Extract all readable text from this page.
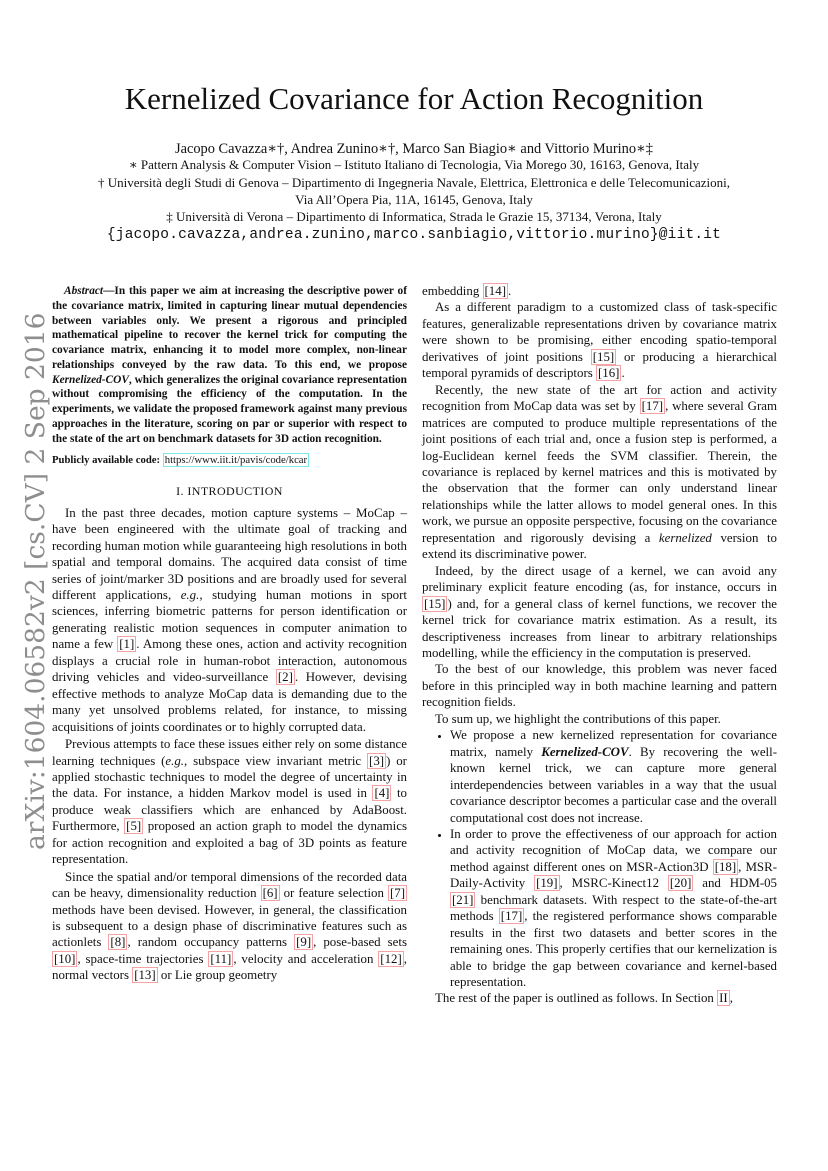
arXiv:1604.06582v2 [cs.CV] 2 Sep 2016
Kernelized Covariance for Action Recognition
Jacopo Cavazza∗†, Andrea Zunino∗†, Marco San Biagio∗ and Vittorio Murino∗‡
∗ Pattern Analysis & Computer Vision – Istituto Italiano di Tecnologia, Via Morego 30, 16163, Genova, Italy
† Università degli Studi di Genova – Dipartimento di Ingegneria Navale, Elettrica, Elettronica e delle Telecomunicazioni,
Via All’Opera Pia, 11A, 16145, Genova, Italy
‡ Università di Verona – Dipartimento di Informatica, Strada le Grazie 15, 37134, Verona, Italy
{jacopo.cavazza,andrea.zunino,marco.sanbiagio,vittorio.murino}@iit.it

Abstract—In this paper we aim at increasing the descriptive power of the covariance matrix, limited in capturing linear mutual dependencies between variables only. We present a rigorous and principled mathematical pipeline to recover the kernel trick for computing the covariance matrix, enhancing it to model more complex, non-linear relationships conveyed by the raw data. To this end, we propose Kernelized-COV, which generalizes the original covariance representation without compromising the efficiency of the computation. In the experiments, we validate the proposed framework against many previous approaches in the literature, scoring on par or superior with respect to the state of the art on benchmark datasets for 3D action recognition.

Publicly available code: https://www.iit.it/pavis/code/kcar

I. INTRODUCTION

In the past three decades, motion capture systems – MoCap – have been engineered with the ultimate goal of tracking and recording human motion while guaranteeing high resolutions in both spatial and temporal domains. The acquired data consist of time series of joint/marker 3D positions and are broadly used for several different applications, e.g., studying human motions in sport sciences, inferring biometric patterns for person identification or generating realistic motion sequences in computer animation to name a few [1] . Among these ones, action and activity recognition displays a crucial role in human-robot interaction, autonomous driving vehicles and video-surveillance [2] . However, devising effective methods to analyze MoCap data is demanding due to the many yet unsolved problems related, for instance, to missing acquisitions of joints coordinates or to highly corrupted data.

Previous attempts to face these issues either rely on some distance learning techniques (e.g., subspace view invariant metric [3] ) or applied stochastic techniques to model the degree of uncertainty in the data. For instance, a hidden Markov model is used in [4] to produce weak classifiers which are enhanced by AdaBoost. Furthermore, [5] proposed an action graph to model the dynamics for action recognition and exploited a bag of 3D points as feature representation.

Since the spatial and/or temporal dimensions of the recorded data can be heavy, dimensionality reduction [6] or feature selection [7] methods have been devised. However, in general, the classification is subsequent to a design phase of discriminative features such as actionlets [8] , random occupancy patterns [9] , pose-based sets [10] , space-time trajectories [11] , velocity and acceleration [12] , normal vectors [13] or Lie group geometry

embedding [14] .

As a different paradigm to a customized class of task-specific features, generalizable representations driven by covariance matrix were shown to be promising, either encoding spatio-temporal derivatives of joint positions [15] or producing a hierarchical temporal pyramids of descriptors [16] .

Recently, the new state of the art for action and activity recognition from MoCap data was set by [17] , where several Gram matrices are computed to produce multiple representations of the joint positions of each trial and, once a fusion step is performed, a log-Euclidean kernel feeds the SVM classifier. Therein, the covariance is replaced by kernel matrices and this is motivated by the observation that the former can only understand linear relationships while the latter allows to model general ones. In this work, we pursue an opposite perspective, focusing on the covariance representation and rigorously devising a kernelized version to extend its discriminative power.

Indeed, by the direct usage of a kernel, we can avoid any preliminary explicit feature encoding (as, for instance, occurs in [15] ) and, for a general class of kernel functions, we recover the kernel trick for covariance matrix estimation. As a result, its descriptiveness increases from linear to arbitrary relationships modelling, while the efficiency in the computation is preserved.

To the best of our knowledge, this problem was never faced before in this principled way in both machine learning and pattern recognition fields.

To sum up, we highlight the contributions of this paper.

• We propose a new kernelized representation for covariance matrix, namely Kernelized-COV. By recovering the well-known kernel trick, we can capture more general interdependencies between variables in a way that the usual covariance descriptor becomes a particular case and the overall computational cost does not increase.
• In order to prove the effectiveness of our approach for action and activity recognition of MoCap data, we compare our method against different ones on MSR-Action3D [18] , MSR-Daily-Activity [19] , MSRC-Kinect12 [20] and HDM-05 [21] benchmark datasets. With respect to the state-of-the-art methods [17] , the registered performance shows comparable results in the first two datasets and better scores in the remaining ones. This properly certifies that our kernelization is able to bridge the gap between covariance and kernel-based representation.

The rest of the paper is outlined as follows. In Section II ,
